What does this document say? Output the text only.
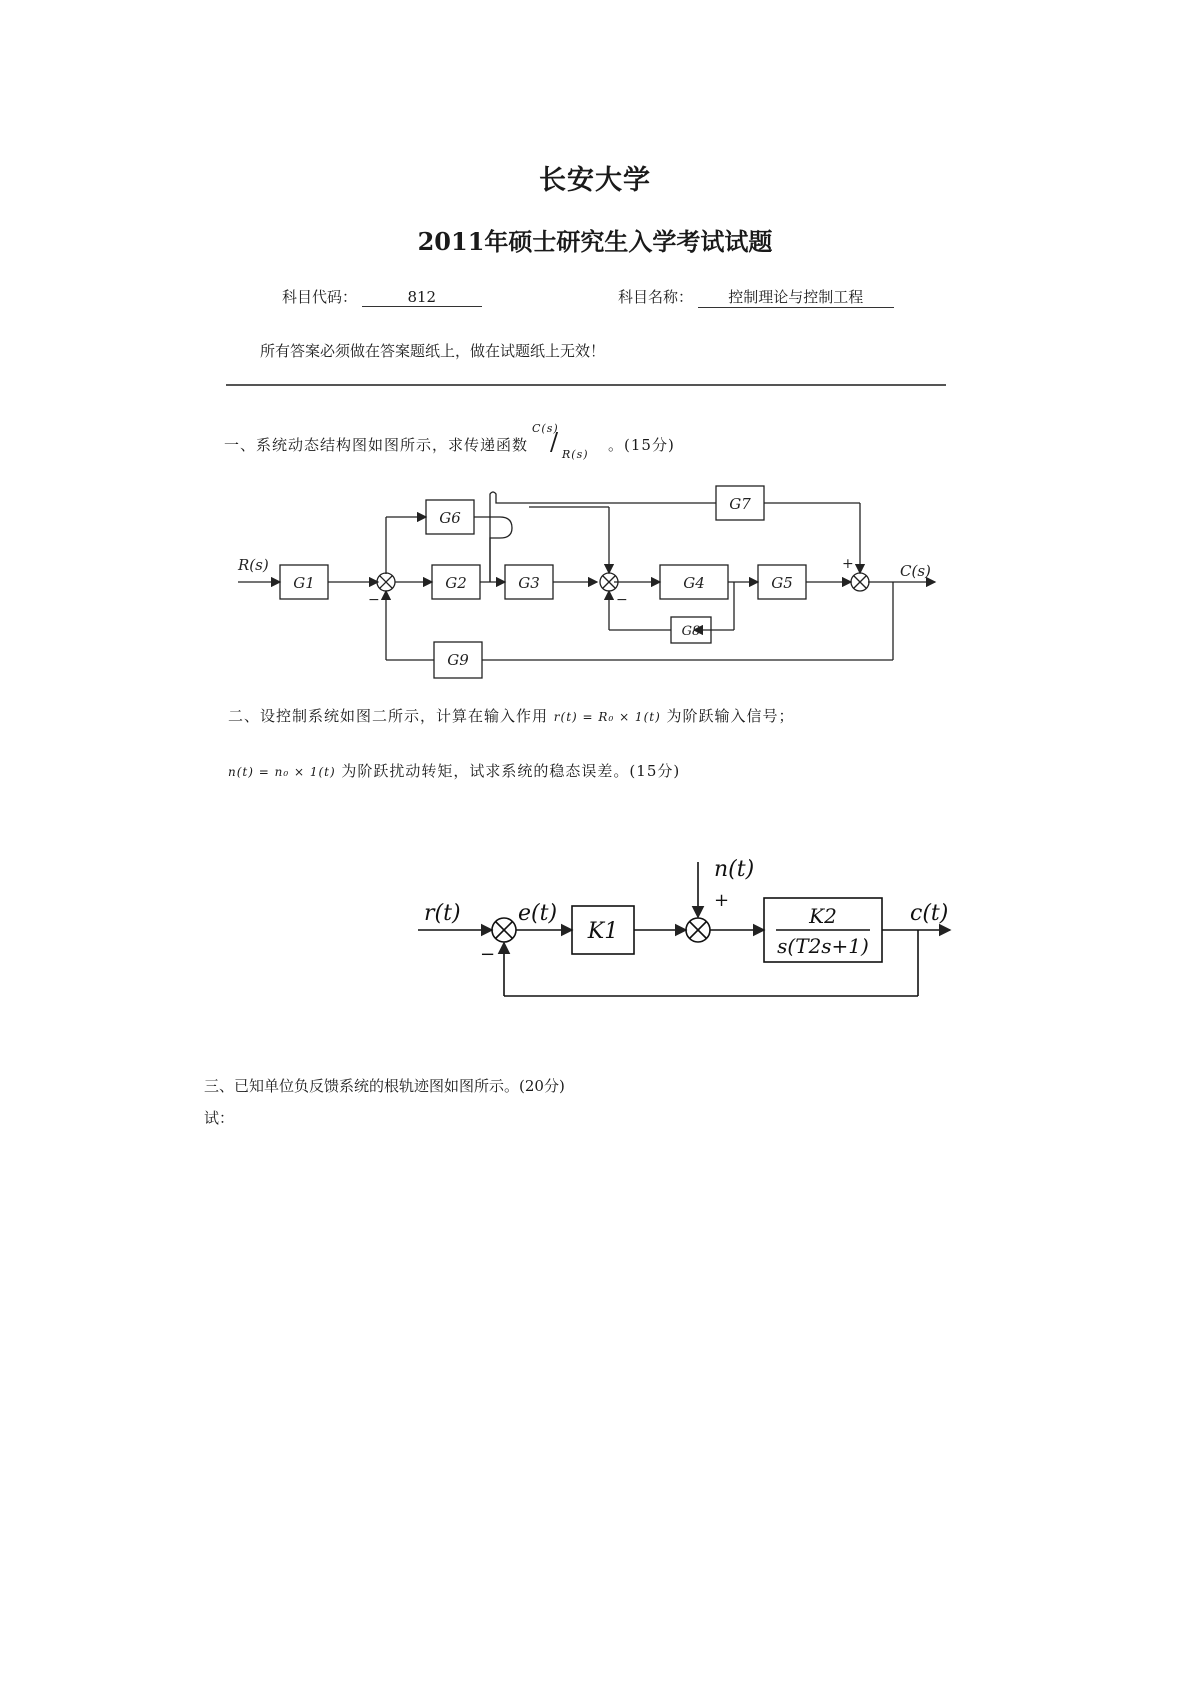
长安大学
2011年硕士研究生入学考试试题
科目代码：	812	科目名称： 控制理论与控制工程
所有答案必须做在答案题纸上，做在试题纸上无效！
一、系统动态结构图如图所示，求传递函数
C(s)
/ R(s)
。(15分)
R(s)	C(s)
G1	G2	G3	G4	G5
G6
G7
G8
G9
−	−
+
二、设控制系统如图二所示，计算在输入作用 r(t) = R₀ × 1(t) 为阶跃输入信号；
n(t) = n₀ × 1(t) 为阶跃扰动转矩，试求系统的稳态误差。(15分)
r(t)	e(t)
n(t)
c(t)
K1
K2
s(T2s+1)
−
+
三、已知单位负反馈系统的根轨迹图如图所示。(20分)
试：
